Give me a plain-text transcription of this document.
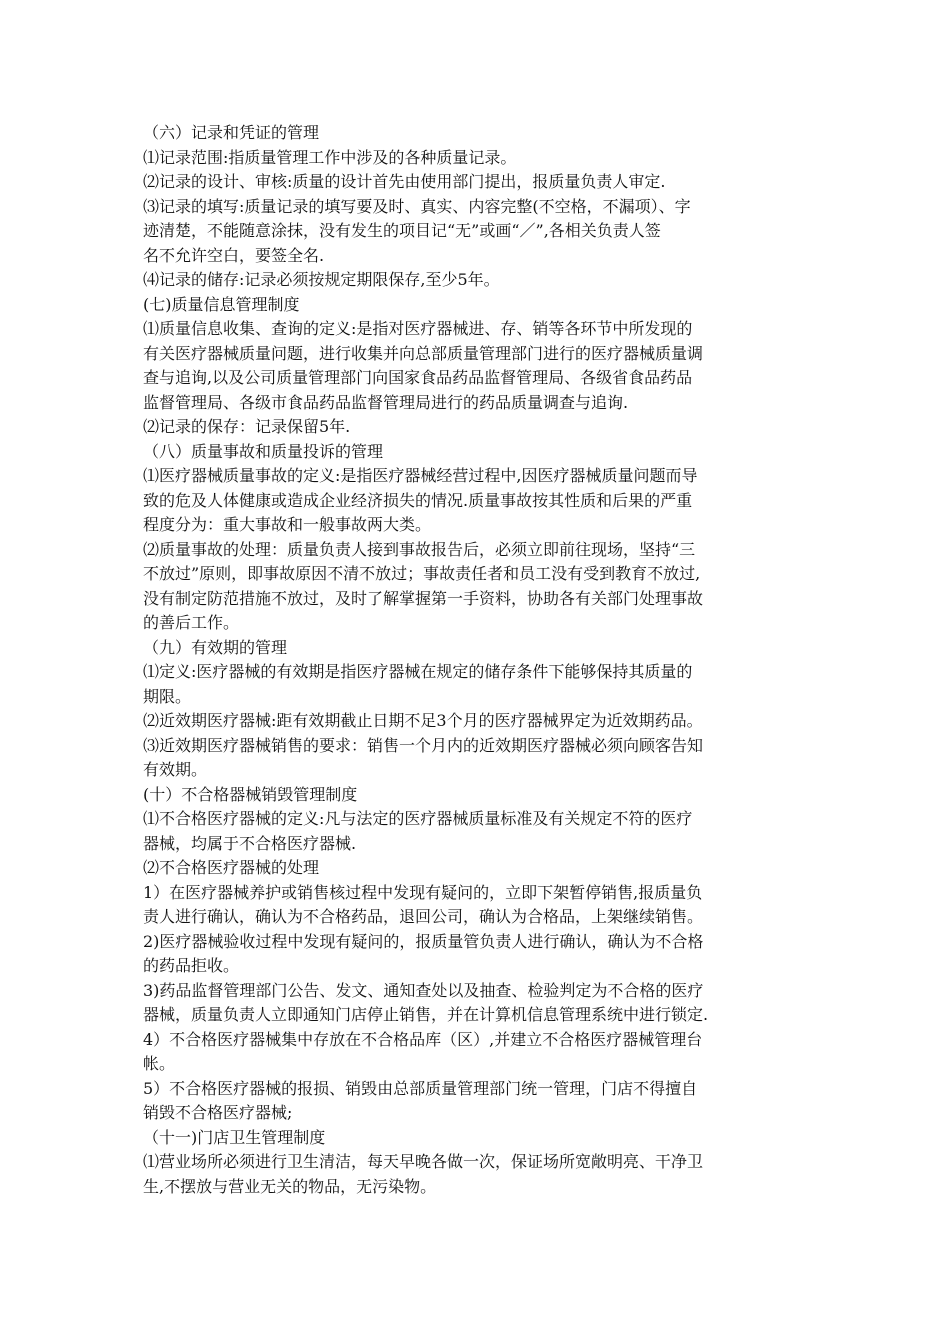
（六）记录和凭证的管理
⑴记录范围:指质量管理工作中涉及的各种质量记录。
⑵记录的设计、审核:质量的设计首先由使用部门提出，报质量负责人审定.
⑶记录的填写:质量记录的填写要及时、真实、内容完整(不空格，不漏项）、字
迹清楚，不能随意涂抹，没有发生的项目记“无”或画“／”,各相关负责人签
名不允许空白，要签全名.
⑷记录的储存:记录必须按规定期限保存,至少5年。
(七)质量信息管理制度
⑴质量信息收集、查询的定义:是指对医疗器械进、存、销等各环节中所发现的
有关医疗器械质量问题，进行收集并向总部质量管理部门进行的医疗器械质量调
查与追询,以及公司质量管理部门向国家食品药品监督管理局、各级省食品药品
监督管理局、各级市食品药品监督管理局进行的药品质量调查与追询.
⑵记录的保存：记录保留5年.
（八）质量事故和质量投诉的管理
⑴医疗器械质量事故的定义:是指医疗器械经营过程中,因医疗器械质量问题而导
致的危及人体健康或造成企业经济损失的情况.质量事故按其性质和后果的严重
程度分为：重大事故和一般事故两大类。
⑵质量事故的处理：质量负责人接到事故报告后，必须立即前往现场，坚持“三
不放过”原则，即事故原因不清不放过；事故责任者和员工没有受到教育不放过,
没有制定防范措施不放过，及时了解掌握第一手资料，协助各有关部门处理事故
的善后工作。
（九）有效期的管理
⑴定义:医疗器械的有效期是指医疗器械在规定的储存条件下能够保持其质量的
期限。
⑵近效期医疗器械:距有效期截止日期不足3个月的医疗器械界定为近效期药品。
⑶近效期医疗器械销售的要求：销售一个月内的近效期医疗器械必须向顾客告知
有效期。
(十）不合格器械销毁管理制度
⑴不合格医疗器械的定义:凡与法定的医疗器械质量标准及有关规定不符的医疗
器械，均属于不合格医疗器械.
⑵不合格医疗器械的处理
1）在医疗器械养护或销售核过程中发现有疑问的，立即下架暂停销售,报质量负
责人进行确认，确认为不合格药品，退回公司，确认为合格品，上架继续销售。
2)医疗器械验收过程中发现有疑问的，报质量管负责人进行确认，确认为不合格
的药品拒收。
3)药品监督管理部门公告、发文、通知查处以及抽查、检验判定为不合格的医疗
器械，质量负责人立即通知门店停止销售，并在计算机信息管理系统中进行锁定.
4）不合格医疗器械集中存放在不合格品库（区）,并建立不合格医疗器械管理台
帐。
5）不合格医疗器械的报损、销毁由总部质量管理部门统一管理，门店不得擅自
销毁不合格医疗器械;
（十一)门店卫生管理制度
⑴营业场所必须进行卫生清洁，每天早晚各做一次，保证场所宽敞明亮、干净卫
生,不摆放与营业无关的物品，无污染物。
